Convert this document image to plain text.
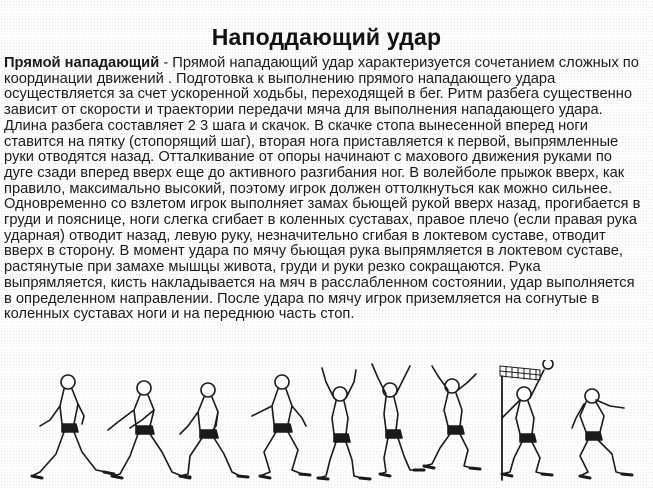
Наподдающий удар
Прямой нападающий - Прямой нападающий удар характеризуется сочетанием сложных по координации движений . Подготовка к выполнению прямого нападающего удара осуществляется за счет ускоренной ходьбы, переходящей в бег. Ритм разбега существенно зависит от скорости и траектории передачи мяча для выполнения нападающего удара. Длина разбега составляет 2 3 шага и скачок. В скачке стопа вынесенной вперед ноги ставится на пятку (стопорящий шаг), вторая нога приставляется к первой, выпрямленные руки отводятся назад. Отталкивание от опоры начинают с махового движения руками по дуге сзади вперед вверх еще до активного разгибания ног. В волейболе прыжок вверх, как правило, максимально высокий, поэтому игрок должен оттолкнуться как можно сильнее. Одновременно со взлетом игрок выполняет замах бьющей рукой вверх назад, прогибается в груди и пояснице, ноги слегка сгибает в коленных суставах, правое плечо (если правая рука ударная) отводит назад, левую руку, незначительно сгибая в локтевом суставе, отводит вверх в сторону. В момент удара по мячу бьющая рука выпрямляется в локтевом суставе, растянутые при замахе мышцы живота, груди и руки резко сокращаются. Рука выпрямляется, кисть накладывается на мяч в расслабленном состоянии, удар выполняется в определенном направлении. После удара по мячу игрок приземляется на согнутые в коленных суставах ноги и на переднюю часть стоп.
